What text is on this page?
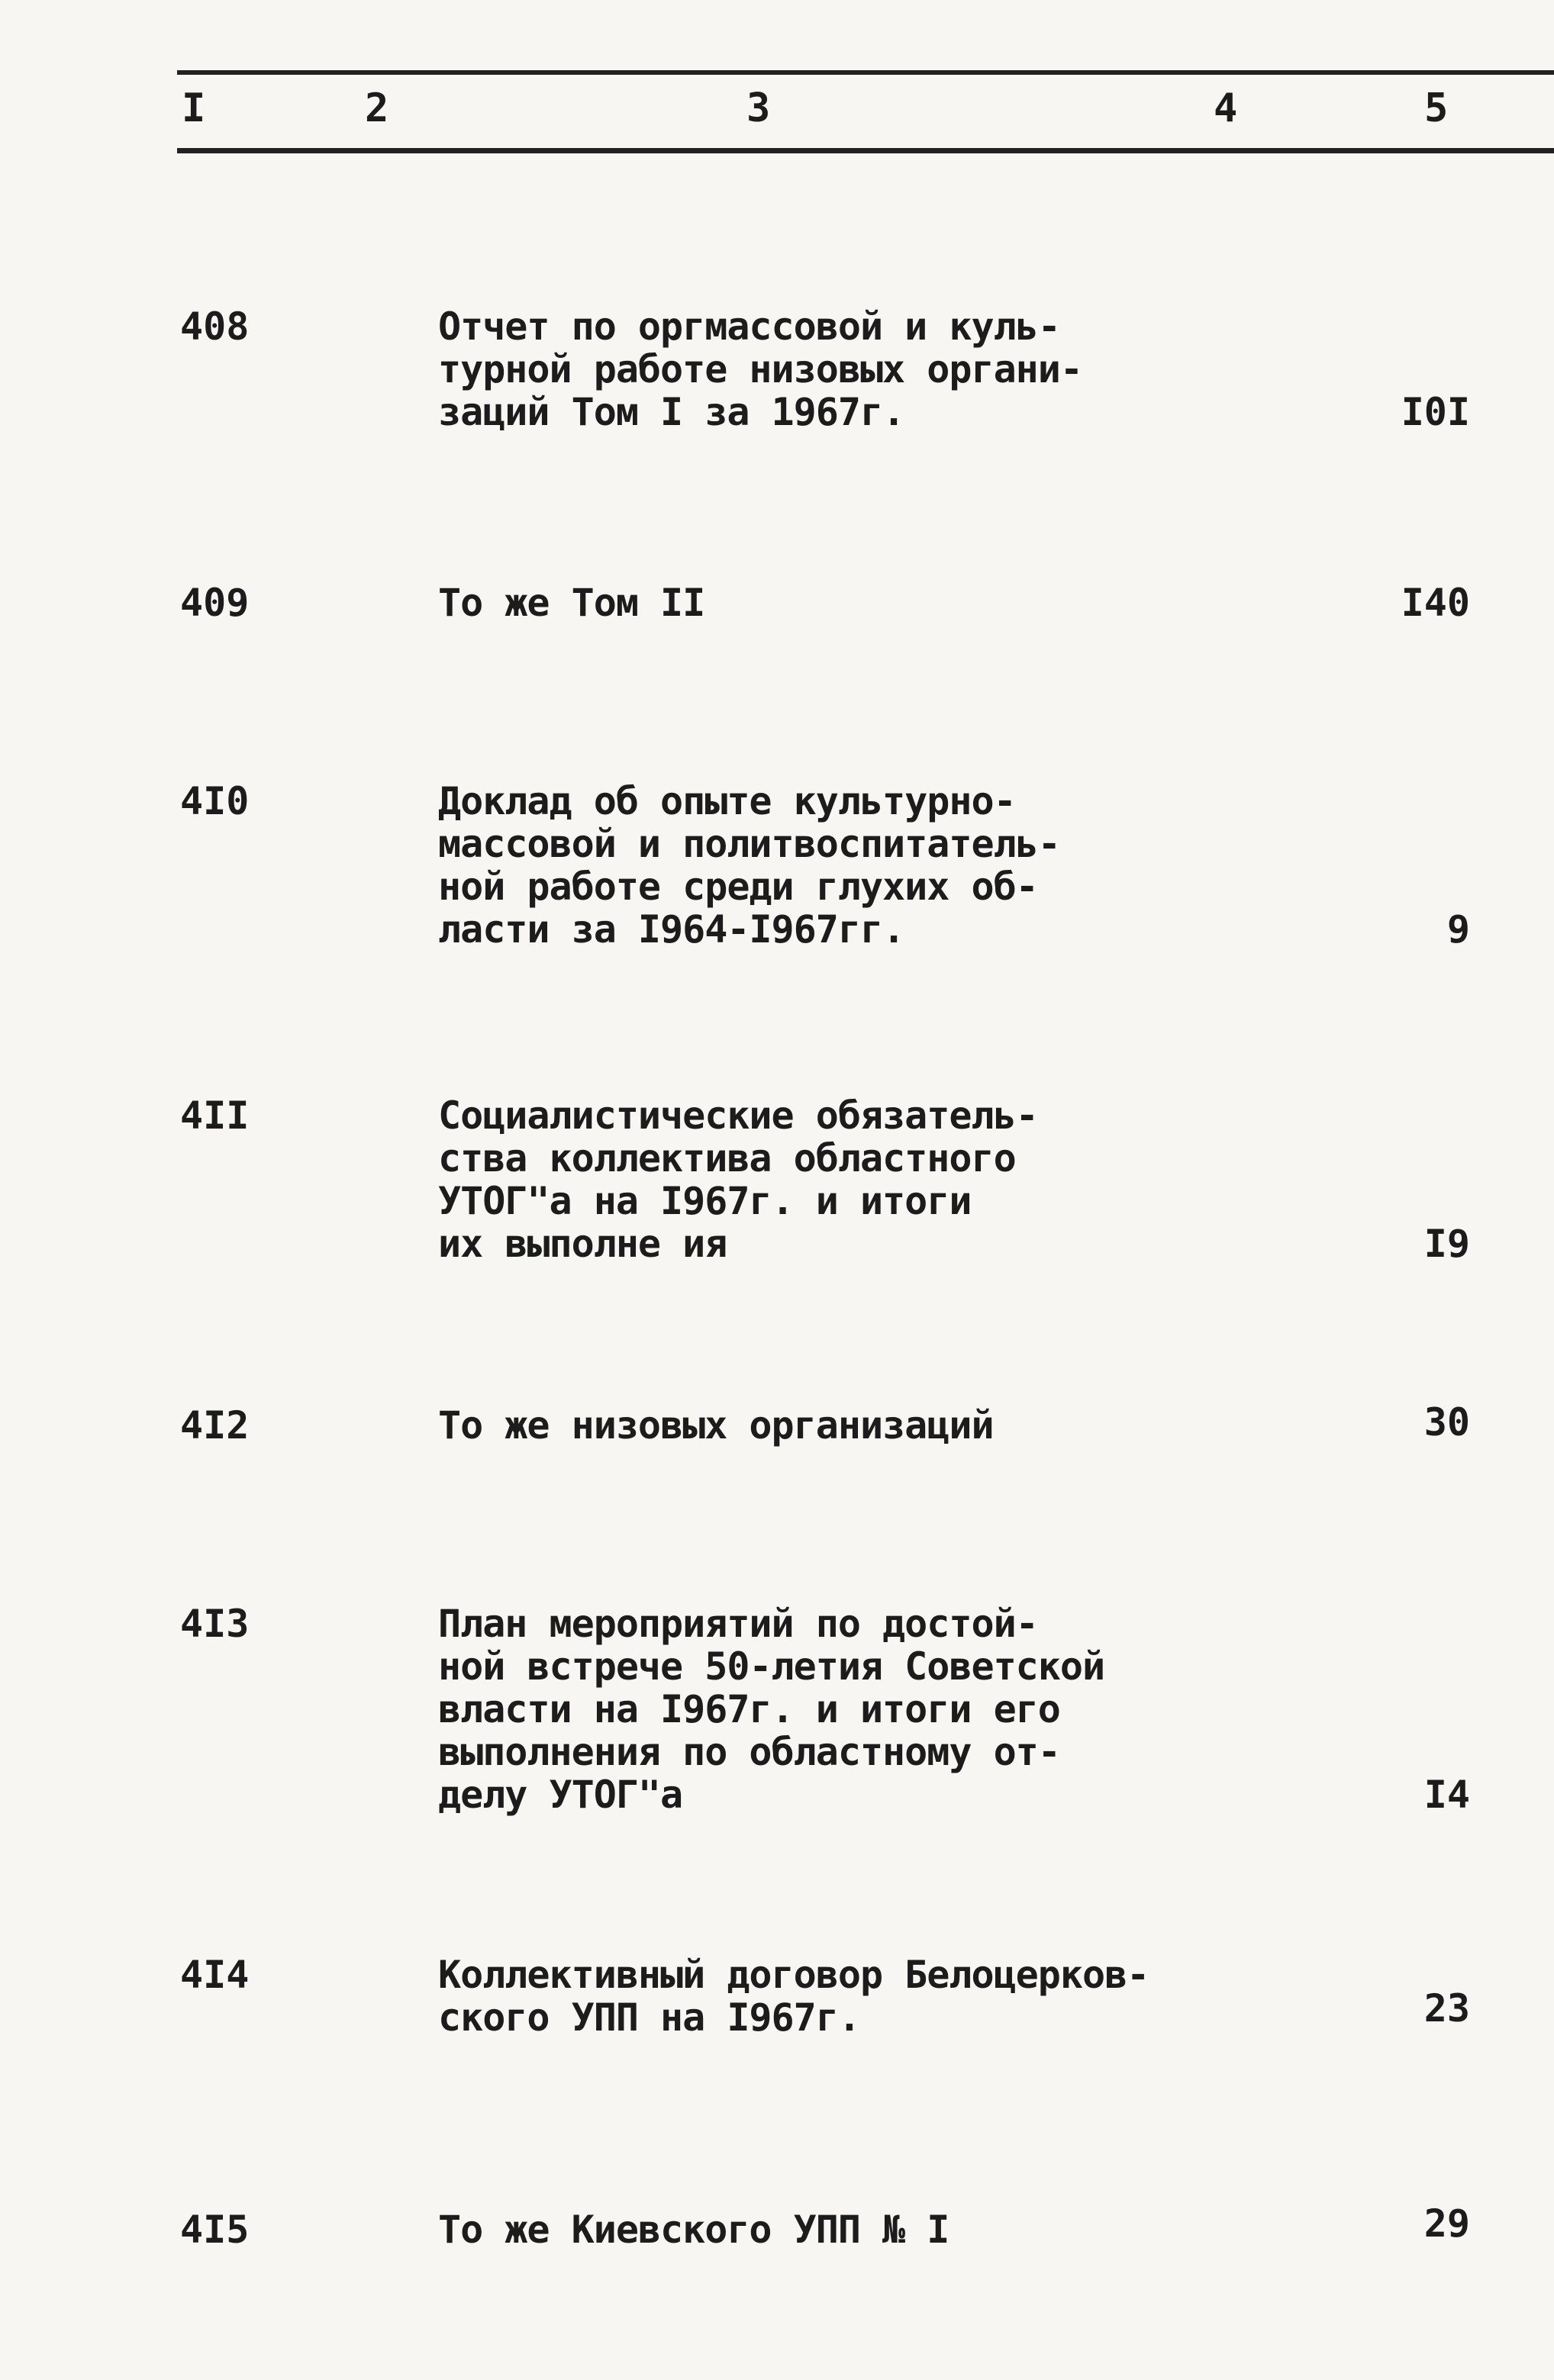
I	2	3	4	5
408	Отчет по оргмассовой и куль-
турной работе низовых органи-
заций Том I за 1967г.	I0I
409	То же Том II	I40
4I0	Доклад об опыте культурно-
массовой и политвоспитатель-
ной работе среди глухих об-
ласти за I964-I967гг.	9
4II	Социалистические обязатель-
ства коллектива областного
УТОГ"а на I967г. и итоги
их выполне ия	I9
4I2	То же низовых организаций	30
4I3	План мероприятий по достой-
ной встрече 50-летия Советской
власти на I967г. и итоги его
выполнения по областному от-
делу УТОГ"а	I4
4I4	Коллективный договор Белоцерков-
ского УПП на I967г.	23
4I5	То же Киевского УПП № I	29
